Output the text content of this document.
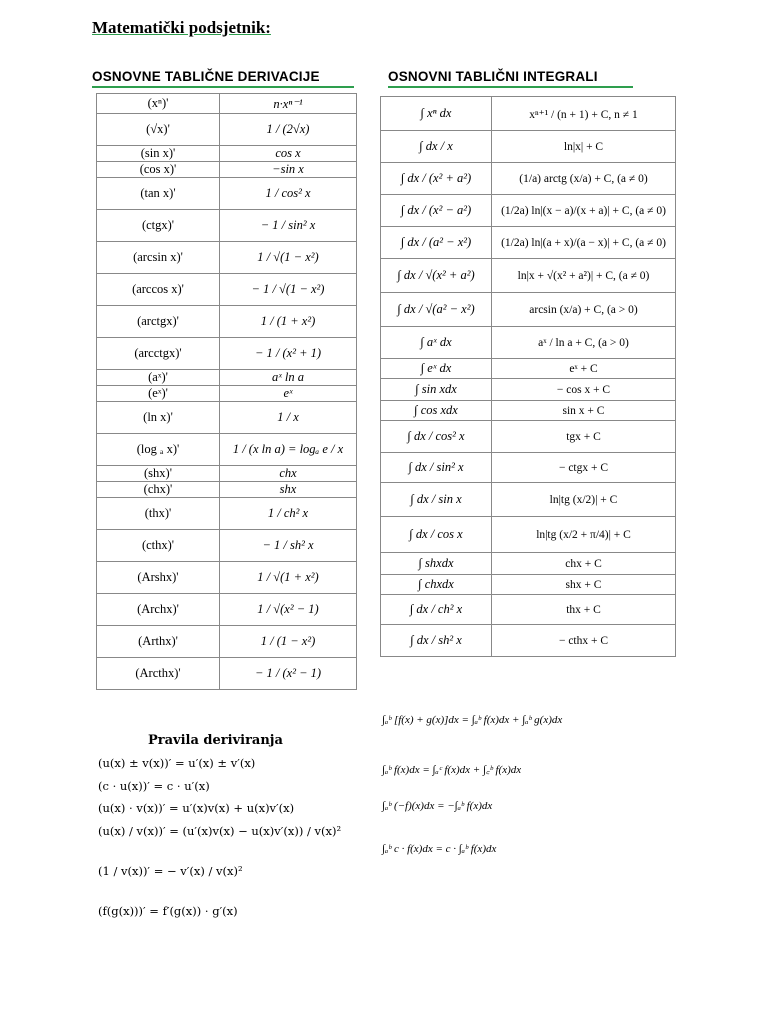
Matematički podsjetnik:
OSNOVNE TABLIČNE DERIVACIJE	OSNOVNI TABLIČNI INTEGRALI
(xⁿ)'	n·xⁿ⁻¹
(√x)'	1 / (2√x)
(sin x)'	cos x
(cos x)'	−sin x
(tan x)'	1 / cos² x
(ctgx)'	− 1 / sin² x
(arcsin x)'	1 / √(1 − x²)
(arccos x)'	− 1 / √(1 − x²)
(arctgx)'	1 / (1 + x²)
(arcctgx)'	− 1 / (x² + 1)
(aˣ)'	aˣ ln a
(eˣ)'	eˣ
(ln x)'	1 / x
(log ₐ x)'	1 / (x ln a) = logₐ e / x
(shx)'	chx
(chx)'	shx
(thx)'	1 / ch² x
(cthx)'	− 1 / sh² x
(Arshx)'	1 / √(1 + x²)
(Archx)'	1 / √(x² − 1)
(Arthx)'	1 / (1 − x²)
(Arcthx)'	− 1 / (x² − 1)
∫ xⁿ dx	xⁿ⁺¹ / (n + 1) + C, n ≠ 1
∫ dx / x	ln|x| + C
∫ dx / (x² + a²)	(1/a) arctg (x/a) + C, (a ≠ 0)
∫ dx / (x² − a²)	(1/2a) ln|(x − a)/(x + a)| + C, (a ≠ 0)
∫ dx / (a² − x²)	(1/2a) ln|(a + x)/(a − x)| + C, (a ≠ 0)
∫ dx / √(x² + a²)	ln|x + √(x² + a²)| + C, (a ≠ 0)
∫ dx / √(a² − x²)	arcsin (x/a) + C, (a > 0)
∫ aˣ dx	aˣ / ln a + C, (a > 0)
∫ eˣ dx	eˣ + C
∫ sin xdx	− cos x + C
∫ cos xdx	sin x + C
∫ dx / cos² x	tgx + C
∫ dx / sin² x	− ctgx + C
∫ dx / sin x	ln|tg (x/2)| + C
∫ dx / cos x	ln|tg (x/2 + π/4)| + C
∫ shxdx	chx + C
∫ chxdx	shx + C
∫ dx / ch² x	thx + C
∫ dx / sh² x	− cthx + C
Pravila deriviranja
(u(x) ± v(x))′ = u′(x) ± v′(x)
(c · u(x))′ = c · u′(x)
(u(x) · v(x))′ = u′(x)v(x) + u(x)v′(x)
(u(x) / v(x))′ = (u′(x)v(x) − u(x)v′(x)) / v(x)²
(1 / v(x))′ = − v′(x) / v(x)²
(f(g(x)))′ = f′(g(x)) · g′(x)
∫ₐᵇ [f(x) + g(x)]dx = ∫ₐᵇ f(x)dx + ∫ₐᵇ g(x)dx
∫ₐᵇ f(x)dx = ∫ₐᶜ f(x)dx + ∫꜀ᵇ f(x)dx
∫ₐᵇ (−f)(x)dx = −∫ₐᵇ f(x)dx
∫ₐᵇ c · f(x)dx = c · ∫ₐᵇ f(x)dx
